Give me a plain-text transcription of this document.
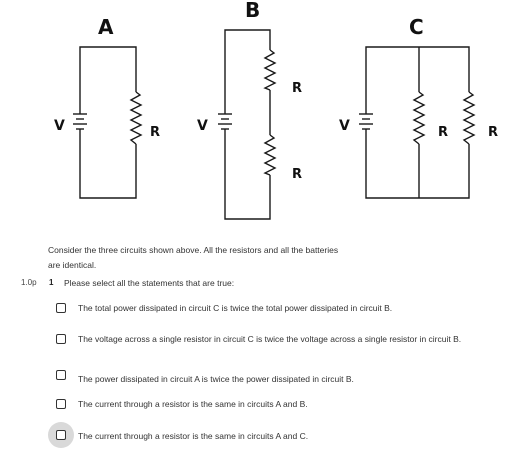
A
B
C
V	V	V
R
R
R
R	R
Consider the three circuits shown above. All the resistors and all the batteries are identical.
1.0p 1 Please select all the statements that are true:
The total power dissipated in circuit C is twice the total power dissipated in circuit B.
The voltage across a single resistor in circuit C is twice the voltage across a single resistor in circuit B.
The power dissipated in circuit A is twice the power dissipated in circuit B.
The current through a resistor is the same in circuits A and B.
The current through a resistor is the same in circuits A and C.
